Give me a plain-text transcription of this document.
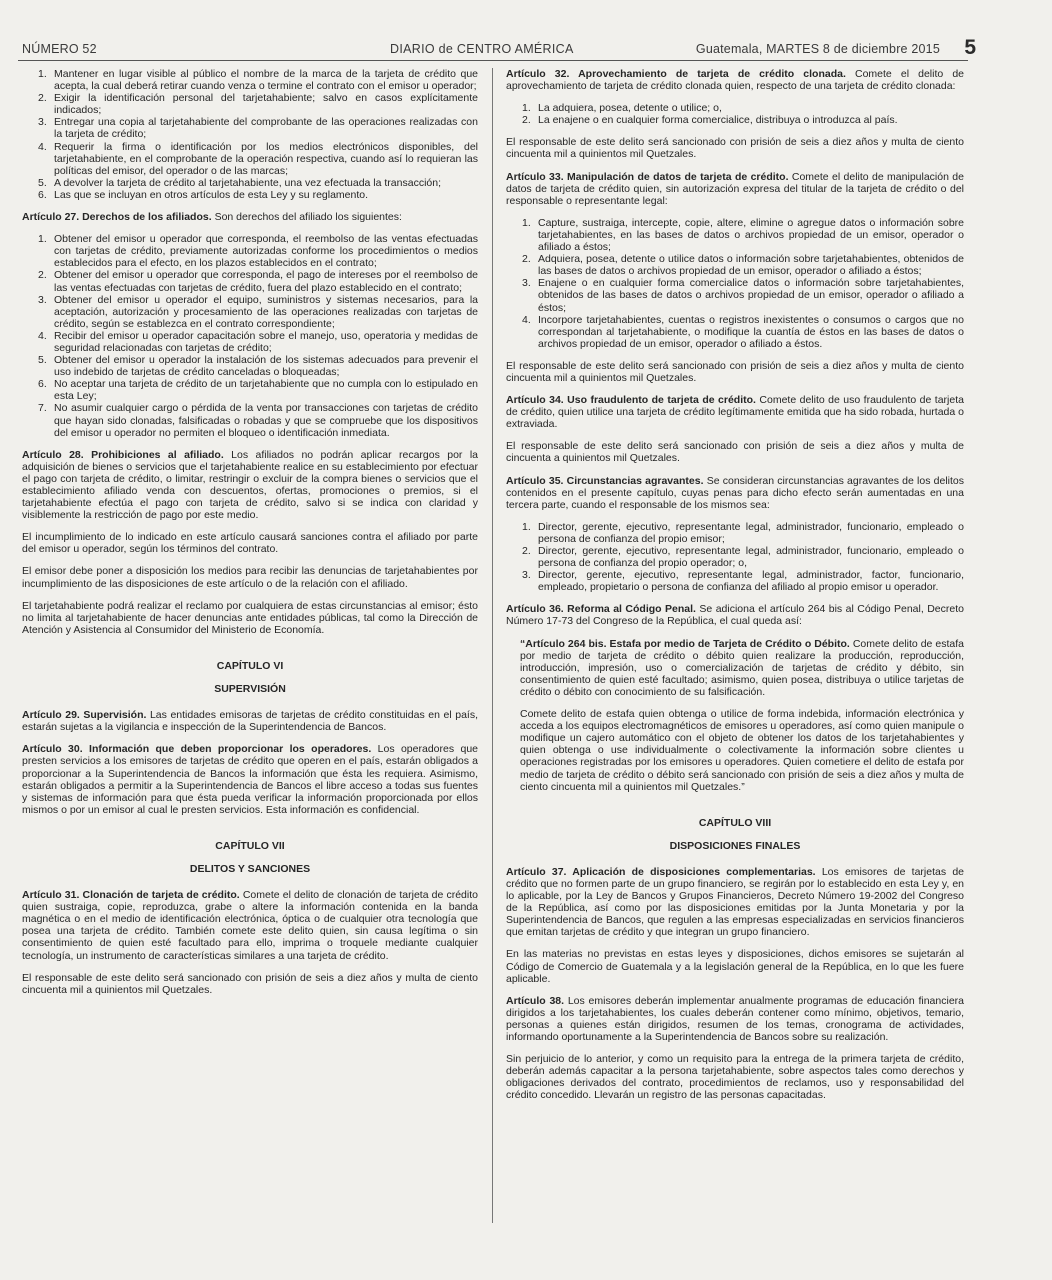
NÚMERO 52	DIARIO de CENTRO AMÉRICA	Guatemala, MARTES 8 de diciembre 2015 5
1. Mantener en lugar visible al público el nombre de la marca de la tarjeta de crédito que acepta, la cual deberá retirar cuando venza o termine el contrato con el emisor u operador;
2. Exigir la identificación personal del tarjetahabiente; salvo en casos explícitamente indicados;
3. Entregar una copia al tarjetahabiente del comprobante de las operaciones realizadas con la tarjeta de crédito;
4. Requerir la firma o identificación por los medios electrónicos disponibles, del tarjetahabiente, en el comprobante de la operación respectiva, cuando así lo requieran las políticas del emisor, del operador o de las marcas;
5. A devolver la tarjeta de crédito al tarjetahabiente, una vez efectuada la transacción;
6. Las que se incluyan en otros artículos de esta Ley y su reglamento.

Artículo 27. Derechos de los afiliados. Son derechos del afiliado los siguientes:

1. Obtener del emisor u operador que corresponda, el reembolso de las ventas efectuadas con tarjetas de crédito, previamente autorizadas conforme los procedimientos o medios establecidos para el efecto, en los plazos establecidos en el contrato;
2. Obtener del emisor u operador que corresponda, el pago de intereses por el reembolso de las ventas efectuadas con tarjetas de crédito, fuera del plazo establecido en el contrato;
3. Obtener del emisor u operador el equipo, suministros y sistemas necesarios, para la aceptación, autorización y procesamiento de las operaciones realizadas con tarjetas de crédito, según se establezca en el contrato correspondiente;
4. Recibir del emisor u operador capacitación sobre el manejo, uso, operatoria y medidas de seguridad relacionadas con tarjetas de crédito;
5. Obtener del emisor u operador la instalación de los sistemas adecuados para prevenir el uso indebido de tarjetas de crédito canceladas o bloqueadas;
6. No aceptar una tarjeta de crédito de un tarjetahabiente que no cumpla con lo estipulado en esta Ley;
7. No asumir cualquier cargo o pérdida de la venta por transacciones con tarjetas de crédito que hayan sido clonadas, falsificadas o robadas y que se compruebe que los dispositivos del emisor u operador no permiten el bloqueo o identificación inmediata.

Artículo 28. Prohibiciones al afiliado. Los afiliados no podrán aplicar recargos por la adquisición de bienes o servicios que el tarjetahabiente realice en su establecimiento por efectuar el pago con tarjeta de crédito, o limitar, restringir o excluir de la compra bienes o servicios que el establecimiento afiliado venda con descuentos, ofertas, promociones o premios, si el tarjetahabiente efectúa el pago con tarjeta de crédito, salvo si se indica con claridad y visiblemente la restricción de pago por este medio.

El incumplimiento de lo indicado en este artículo causará sanciones contra el afiliado por parte del emisor u operador, según los términos del contrato.

El emisor debe poner a disposición los medios para recibir las denuncias de tarjetahabientes por incumplimiento de las disposiciones de este artículo o de la relación con el afiliado.

El tarjetahabiente podrá realizar el reclamo por cualquiera de estas circunstancias al emisor; ésto no limita al tarjetahabiente de hacer denuncias ante entidades públicas, tal como la Dirección de Atención y Asistencia al Consumidor del Ministerio de Economía.

CAPÍTULO VI
SUPERVISIÓN

Artículo 29. Supervisión. Las entidades emisoras de tarjetas de crédito constituidas en el país, estarán sujetas a la vigilancia e inspección de la Superintendencia de Bancos.

Artículo 30. Información que deben proporcionar los operadores. Los operadores que presten servicios a los emisores de tarjetas de crédito que operen en el país, estarán obligados a proporcionar a la Superintendencia de Bancos la información que ésta les requiera. Asimismo, estarán obligados a permitir a la Superintendencia de Bancos el libre acceso a todas sus fuentes y sistemas de información para que ésta pueda verificar la información proporcionada por ellos mismos o por un emisor al cual le presten servicios. Esta información es confidencial.

CAPÍTULO VII
DELITOS Y SANCIONES

Artículo 31. Clonación de tarjeta de crédito. Comete el delito de clonación de tarjeta de crédito quien sustraiga, copie, reproduzca, grabe o altere la información contenida en la banda magnética o en el medio de identificación electrónica, óptica o de cualquier otra tecnología que posea una tarjeta de crédito. También comete este delito quien, sin causa legítima o sin consentimiento de quien esté facultado para ello, imprima o troquele mediante cualquier tecnología, un instrumento de características similares a una tarjeta de crédito.

El responsable de este delito será sancionado con prisión de seis a diez años y multa de ciento cincuenta mil a quinientos mil Quetzales.

Artículo 32. Aprovechamiento de tarjeta de crédito clonada. Comete el delito de aprovechamiento de tarjeta de crédito clonada quien, respecto de una tarjeta de crédito clonada:

1. La adquiera, posea, detente o utilice; o,
2. La enajene o en cualquier forma comercialice, distribuya o introduzca al país.

El responsable de este delito será sancionado con prisión de seis a diez años y multa de ciento cincuenta mil a quinientos mil Quetzales.

Artículo 33. Manipulación de datos de tarjeta de crédito. Comete el delito de manipulación de datos de tarjeta de crédito quien, sin autorización expresa del titular de la tarjeta de crédito o del responsable o representante legal:

1. Capture, sustraiga, intercepte, copie, altere, elimine o agregue datos o información sobre tarjetahabientes, en las bases de datos o archivos propiedad de un emisor, operador o afiliado a éstos;
2. Adquiera, posea, detente o utilice datos o información sobre tarjetahabientes, obtenidos de las bases de datos o archivos propiedad de un emisor, operador o afiliado a éstos;
3. Enajene o en cualquier forma comercialice datos o información sobre tarjetahabientes, obtenidos de las bases de datos o archivos propiedad de un emisor, operador o afiliado a éstos;
4. Incorpore tarjetahabientes, cuentas o registros inexistentes o consumos o cargos que no correspondan al tarjetahabiente, o modifique la cuantía de éstos en las bases de datos o archivos propiedad de un emisor, operador o afiliado a éstos.

El responsable de este delito será sancionado con prisión de seis a diez años y multa de ciento cincuenta mil a quinientos mil Quetzales.

Artículo 34. Uso fraudulento de tarjeta de crédito. Comete delito de uso fraudulento de tarjeta de crédito, quien utilice una tarjeta de crédito legítimamente emitida que ha sido robada, hurtada o extraviada.

El responsable de este delito será sancionado con prisión de seis a diez años y multa de cincuenta a quinientos mil Quetzales.

Artículo 35. Circunstancias agravantes. Se consideran circunstancias agravantes de los delitos contenidos en el presente capítulo, cuyas penas para dicho efecto serán aumentadas en una tercera parte, cuando el responsable de los mismos sea:

1. Director, gerente, ejecutivo, representante legal, administrador, funcionario, empleado o persona de confianza del propio emisor;
2. Director, gerente, ejecutivo, representante legal, administrador, funcionario, empleado o persona de confianza del propio operador; o,
3. Director, gerente, ejecutivo, representante legal, administrador, factor, funcionario, empleado, propietario o persona de confianza del afiliado al propio emisor u operador.

Artículo 36. Reforma al Código Penal. Se adiciona el artículo 264 bis al Código Penal, Decreto Número 17-73 del Congreso de la República, el cual queda así:

“Artículo 264 bis. Estafa por medio de Tarjeta de Crédito o Débito. Comete delito de estafa por medio de tarjeta de crédito o débito quien realizare la producción, reproducción, introducción, impresión, uso o comercialización de tarjetas de crédito y débito, sin consentimiento de quien esté facultado; asimismo, quien posea, distribuya o utilice tarjetas de crédito o débito con conocimiento de su falsificación.

Comete delito de estafa quien obtenga o utilice de forma indebida, información electrónica y acceda a los equipos electromagnéticos de emisores u operadores, así como quien manipule o modifique un cajero automático con el objeto de obtener los datos de los tarjetahabientes y quien obtenga o use individualmente o colectivamente la información sobre clientes u operaciones registradas por los emisores u operadores. Quien cometiere el delito de estafa por medio de tarjeta de crédito o débito será sancionado con prisión de seis a diez años y multa de ciento cincuenta mil a quinientos mil Quetzales.”

CAPÍTULO VIII
DISPOSICIONES FINALES

Artículo 37. Aplicación de disposiciones complementarias. Los emisores de tarjetas de crédito que no formen parte de un grupo financiero, se regirán por lo establecido en esta Ley y, en lo aplicable, por la Ley de Bancos y Grupos Financieros, Decreto Número 19-2002 del Congreso de la República, así como por las disposiciones emitidas por la Junta Monetaria y por la Superintendencia de Bancos, que regulen a las empresas especializadas en servicios financieros que emitan tarjetas de crédito y que integran un grupo financiero.

En las materias no previstas en estas leyes y disposiciones, dichos emisores se sujetarán al Código de Comercio de Guatemala y a la legislación general de la República, en lo que les fuere aplicable.

Artículo 38. Los emisores deberán implementar anualmente programas de educación financiera dirigidos a los tarjetahabientes, los cuales deberán contener como mínimo, objetivos, temario, personas a quienes están dirigidos, resumen de los temas, cronograma de actividades, informando oportunamente a la Superintendencia de Bancos sobre su realización.

Sin perjuicio de lo anterior, y como un requisito para la entrega de la primera tarjeta de crédito, deberán además capacitar a la persona tarjetahabiente, sobre aspectos tales como derechos y obligaciones derivados del contrato, procedimientos de reclamos, uso y responsabilidad del crédito concedido. Llevarán un registro de las personas capacitadas.
